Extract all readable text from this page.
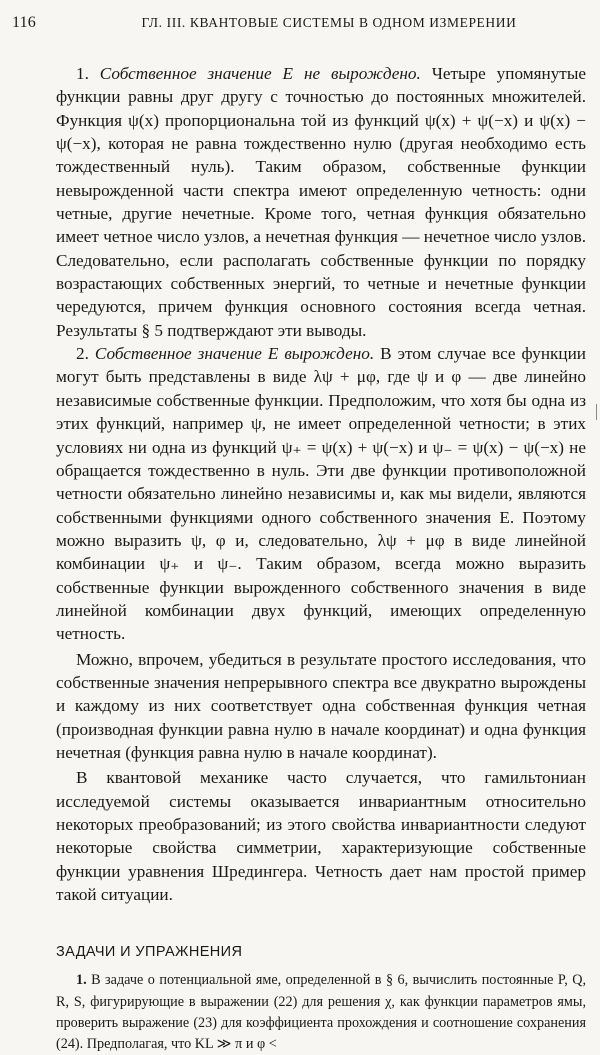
116	ГЛ. III. КВАНТОВЫЕ СИСТЕМЫ В ОДНОМ ИЗМЕРЕНИИ

1. Собственное значение E не вырождено. Четыре упомянутые функции равны друг другу с точностью до постоянных множителей. Функция ψ(x) пропорциональна той из функций ψ(x) + ψ(−x) и ψ(x) − ψ(−x), которая не равна тождественно нулю (другая необходимо есть тождественный нуль). Таким образом, собственные функции невырожденной части спектра имеют определенную четность: одни четные, другие нечетные. Кроме того, четная функция обязательно имеет четное число узлов, а нечетная функция — нечетное число узлов. Следовательно, если располагать собственные функции по порядку возрастающих собственных энергий, то четные и нечетные функции чередуются, причем функция основного состояния всегда четная. Результаты § 5 подтверждают эти выводы.

2. Собственное значение E вырождено. В этом случае все функции могут быть представлены в виде λψ + μφ, где ψ и φ — две линейно независимые собственные функции. Предположим, что хотя бы одна из этих функций, например ψ, не имеет определенной четности; в этих условиях ни одна из функций ψ₊ = ψ(x) + ψ(−x) и ψ₋ = ψ(x) − ψ(−x) не обращается тождественно в нуль. Эти две функции противоположной четности обязательно линейно независимы и, как мы видели, являются собственными функциями одного собственного значения E. Поэтому можно выразить ψ, φ и, следовательно, λψ + μφ в виде линейной комбинации ψ₊ и ψ₋. Таким образом, всегда можно выразить собственные функции вырожденного собственного значения в виде линейной комбинации двух функций, имеющих определенную четность.

Можно, впрочем, убедиться в результате простого исследования, что собственные значения непрерывного спектра все двукратно вырождены и каждому из них соответствует одна собственная функция четная (производная функции равна нулю в начале координат) и одна функция нечетная (функция равна нулю в начале координат).

В квантовой механике часто случается, что гамильтониан исследуемой системы оказывается инвариантным относительно некоторых преобразований; из этого свойства инвариантности следуют некоторые свойства симметрии, характеризующие собственные функции уравнения Шредингера. Четность дает нам простой пример такой ситуации.

ЗАДАЧИ И УПРАЖНЕНИЯ

1. В задаче о потенциальной яме, определенной в § 6, вычислить постоянные P, Q, R, S, фигурирующие в выражении (22) для решения χ, как функции параметров ямы, проверить выражение (23) для коэффициента прохождения и соотношение сохранения (24). Предполагая, что KL ≫ π и φ <
